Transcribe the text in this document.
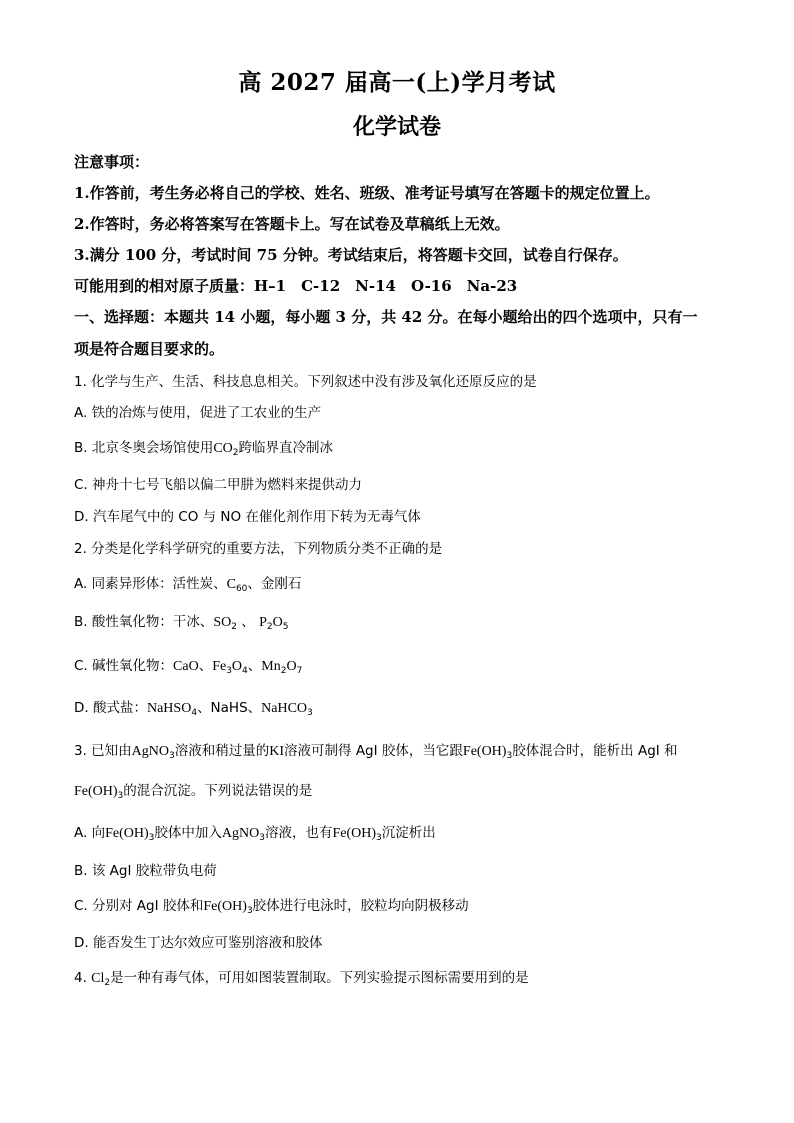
高 2027 届高一(上)学月考试
化学试卷
注意事项：
1.作答前，考生务必将自己的学校、姓名、班级、准考证号填写在答题卡的规定位置上。
2.作答时，务必将答案写在答题卡上。写在试卷及草稿纸上无效。
3.满分 100 分，考试时间 75 分钟。考试结束后，将答题卡交回，试卷自行保存。
可能用到的相对原子质量：H–1　C-12　N-14　O-16　Na-23
一、选择题：本题共 14 小题，每小题 3 分，共 42 分。在每小题给出的四个选项中，只有一
项是符合题目要求的。
1. 化学与生产、生活、科技息息相关。下列叙述中没有涉及氧化还原反应的是
A. 铁的冶炼与使用，促进了工农业的生产
B. 北京冬奥会场馆使用$CO_2$跨临界直冷制冰
C. 神舟十七号飞船以偏二甲肼为燃料来提供动力
D. 汽车尾气中的 CO 与 NO 在催化剂作用下转为无毒气体
2. 分类是化学科学研究的重要方法，下列物质分类不正确的是
A. 同素异形体：活性炭、$C_{60}$、金刚石
B. 酸性氧化物：干冰、$SO_2$ 、 $P_2O_5$
C. 碱性氧化物：CaO、$Fe_3O_4$、$Mn_2O_7$
D. 酸式盐：NaHSO$_4$、NaHS、NaHCO$_3$
3. 已知由AgNO$_3$溶液和稍过量的KI溶液可制得 AgI 胶体，当它跟$Fe(OH)_3$胶体混合时，能析出 AgI 和
$Fe(OH)_3$的混合沉淀。下列说法错误的是
A. 向$Fe(OH)_3$胶体中加入AgNO$_3$溶液，也有$Fe(OH)_3$沉淀析出
B. 该 AgI 胶粒带负电荷
C. 分别对 AgI 胶体和$Fe(OH)_3$胶体进行电泳时，胶粒均向阴极移动
D. 能否发生丁达尔效应可鉴别溶液和胶体
4. $Cl_2$是一种有毒气体，可用如图装置制取。下列实验提示图标需要用到的是
